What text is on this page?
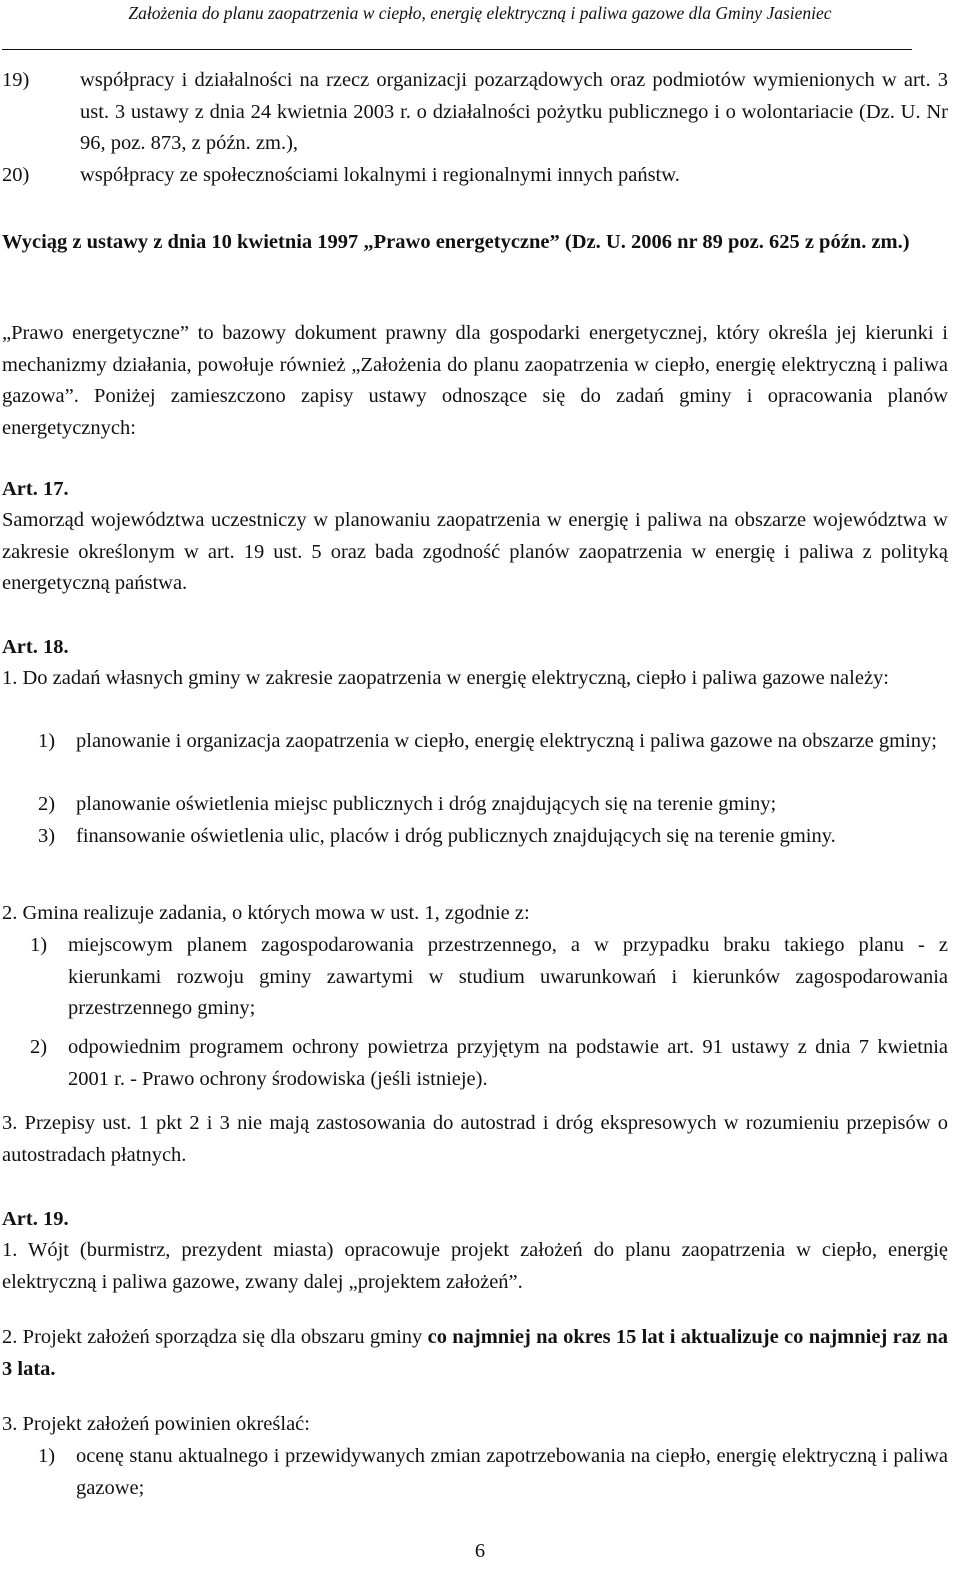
Założenia do planu zaopatrzenia w ciepło, energię elektryczną i paliwa gazowe dla Gminy Jasieniec
19) współpracy i działalności na rzecz organizacji pozarządowych oraz podmiotów wymienionych w art. 3 ust. 3 ustawy z dnia 24 kwietnia 2003 r. o działalności pożytku publicznego i o wolontariacie (Dz. U. Nr 96, poz. 873, z późn. zm.),
20) współpracy ze społecznościami lokalnymi i regionalnymi innych państw.
Wyciąg z ustawy z dnia 10 kwietnia 1997 „Prawo energetyczne” (Dz. U. 2006 nr 89 poz. 625 z późn. zm.)
„Prawo energetyczne” to bazowy dokument prawny dla gospodarki energetycznej, który określa jej kierunki i mechanizmy działania, powołuje również „Założenia do planu zaopatrzenia w ciepło, energię elektryczną i paliwa gazowa”. Poniżej zamieszczono zapisy ustawy odnoszące się do zadań gminy i opracowania planów energetycznych:
Art. 17.
Samorząd województwa uczestniczy w planowaniu zaopatrzenia w energię i paliwa na obszarze województwa w zakresie określonym w art. 19 ust. 5 oraz bada zgodność planów zaopatrzenia w energię i paliwa z polityką energetyczną państwa.
Art. 18.
1. Do zadań własnych gminy w zakresie zaopatrzenia w energię elektryczną, ciepło i paliwa gazowe należy:
1) planowanie i organizacja zaopatrzenia w ciepło, energię elektryczną i paliwa gazowe na obszarze gminy;
2) planowanie oświetlenia miejsc publicznych i dróg znajdujących się na terenie gminy;
3) finansowanie oświetlenia ulic, placów i dróg publicznych znajdujących się na terenie gminy.
2. Gmina realizuje zadania, o których mowa w ust. 1, zgodnie z:
1) miejscowym planem zagospodarowania przestrzennego, a w przypadku braku takiego planu - z kierunkami rozwoju gminy zawartymi w studium uwarunkowań i kierunków zagospodarowania przestrzennego gminy;
2) odpowiednim programem ochrony powietrza przyjętym na podstawie art. 91 ustawy z dnia 7 kwietnia 2001 r. - Prawo ochrony środowiska (jeśli istnieje).
3. Przepisy ust. 1 pkt 2 i 3 nie mają zastosowania do autostrad i dróg ekspresowych w rozumieniu przepisów o autostradach płatnych.
Art. 19.
1. Wójt (burmistrz, prezydent miasta) opracowuje projekt założeń do planu zaopatrzenia w ciepło, energię elektryczną i paliwa gazowe, zwany dalej „projektem założeń”.
2. Projekt założeń sporządza się dla obszaru gminy co najmniej na okres 15 lat i aktualizuje co najmniej raz na 3 lata.
3. Projekt założeń powinien określać:
1) ocenę stanu aktualnego i przewidywanych zmian zapotrzebowania na ciepło, energię elektryczną i paliwa gazowe;
6
